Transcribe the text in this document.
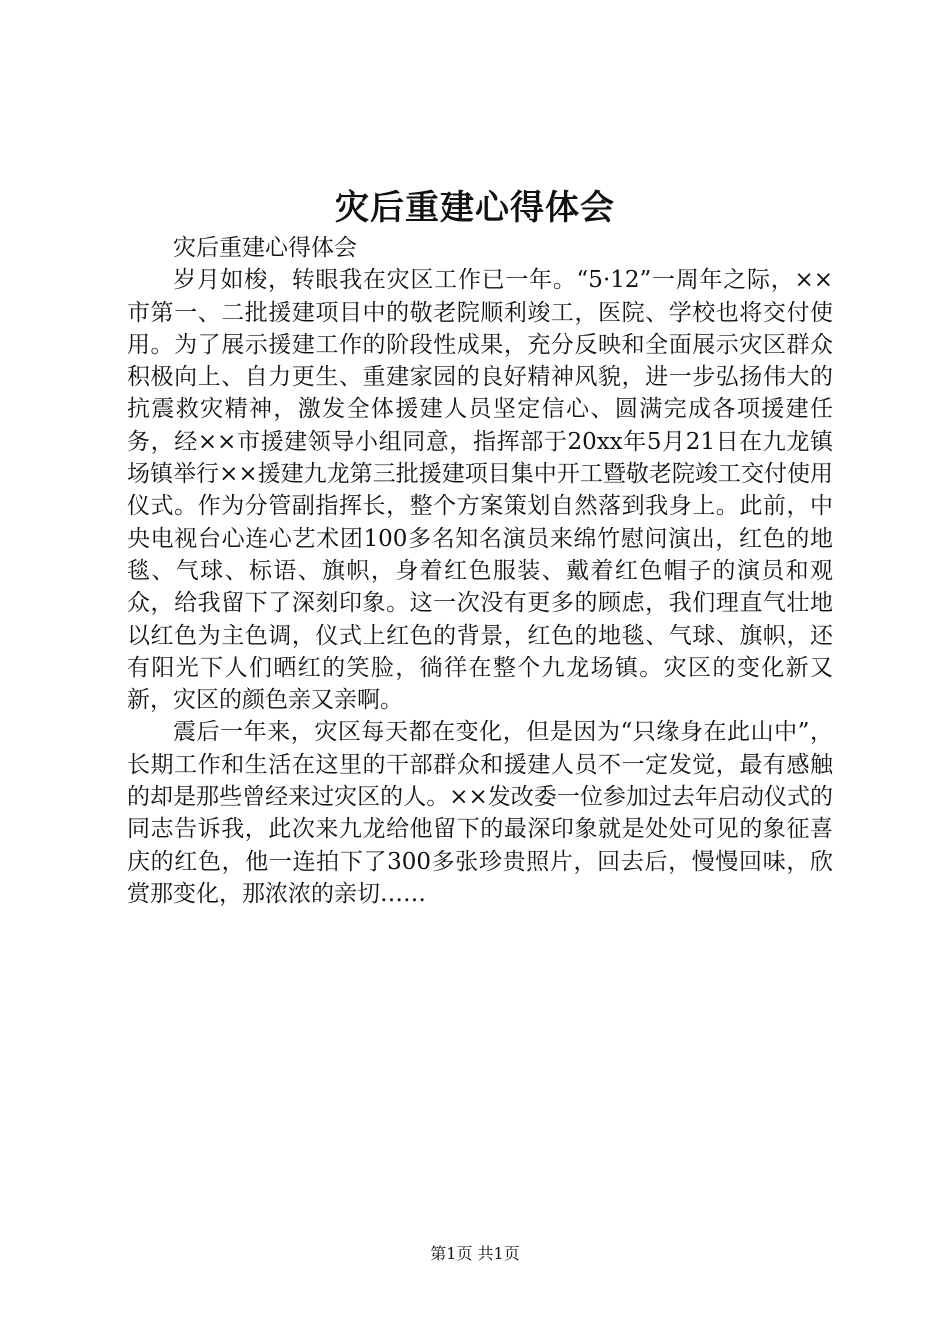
灾后重建心得体会

灾后重建心得体会

岁月如梭，转眼我在灾区工作已一年。“5·12”一周年之际，××市第一、二批援建项目中的敬老院顺利竣工，医院、学校也将交付使用。为了展示援建工作的阶段性成果，充分反映和全面展示灾区群众积极向上、自力更生、重建家园的良好精神风貌，进一步弘扬伟大的抗震救灾精神，激发全体援建人员坚定信心、圆满完成各项援建任务，经××市援建领导小组同意，指挥部于20xx年5月21日在九龙镇场镇举行××援建九龙第三批援建项目集中开工暨敬老院竣工交付使用仪式。作为分管副指挥长，整个方案策划自然落到我身上。此前，中央电视台心连心艺术团100多名知名演员来绵竹慰问演出，红色的地毯、气球、标语、旗帜，身着红色服装、戴着红色帽子的演员和观众，给我留下了深刻印象。这一次没有更多的顾虑，我们理直气壮地以红色为主色调，仪式上红色的背景，红色的地毯、气球、旗帜，还有阳光下人们晒红的笑脸，徜徉在整个九龙场镇。灾区的变化新又新，灾区的颜色亲又亲啊。

震后一年来，灾区每天都在变化，但是因为“只缘身在此山中”，长期工作和生活在这里的干部群众和援建人员不一定发觉，最有感触的却是那些曾经来过灾区的人。××发改委一位参加过去年启动仪式的同志告诉我，此次来九龙给他留下的最深印象就是处处可见的象征喜庆的红色，他一连拍下了300多张珍贵照片，回去后，慢慢回味，欣赏那变化，那浓浓的亲切……

第1页 共1页
